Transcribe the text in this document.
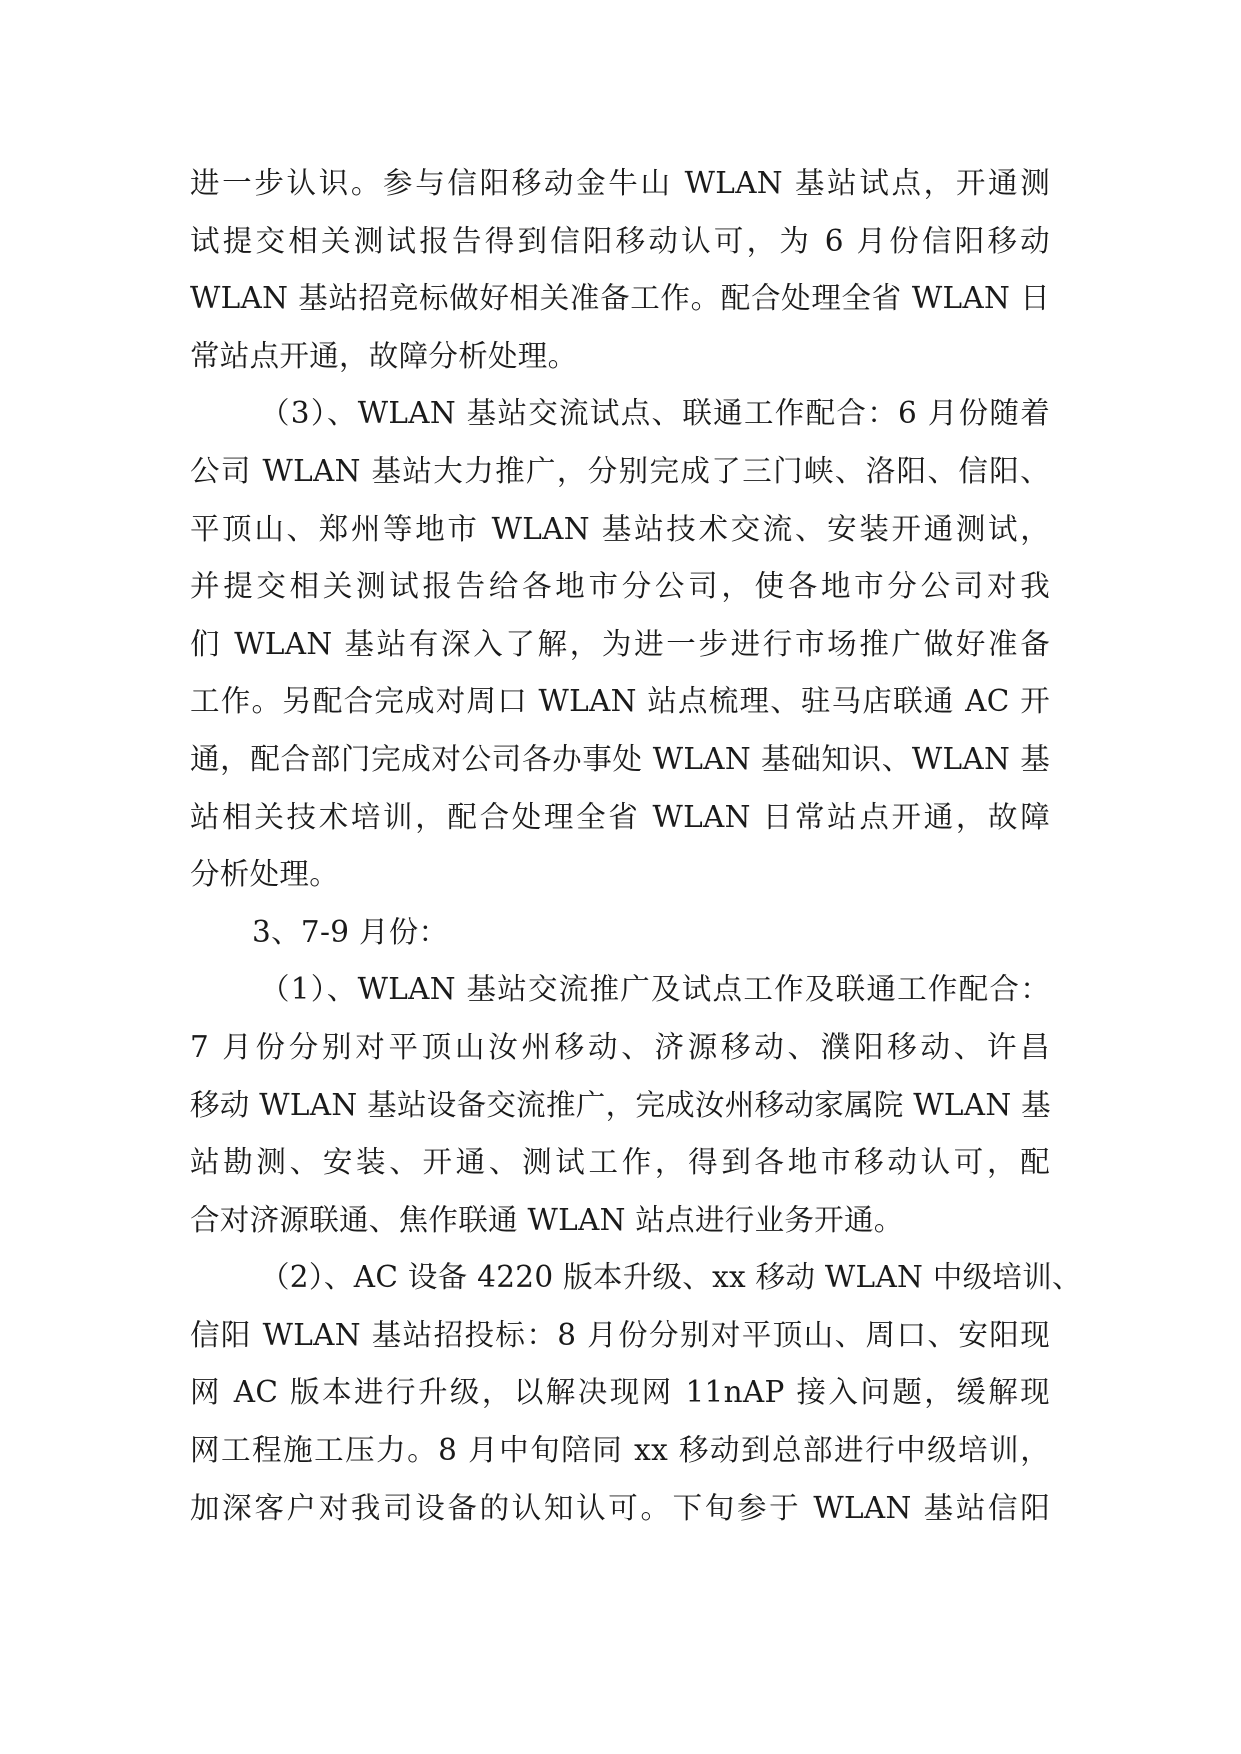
进一步认识。参与信阳移动金牛山 WLAN 基站试点，开通测
试提交相关测试报告得到信阳移动认可，为 6 月份信阳移动
WLAN 基站招竞标做好相关准备工作。配合处理全省 WLAN 日
常站点开通，故障分析处理。
（3）、WLAN 基站交流试点、联通工作配合：6 月份随着
公司 WLAN 基站大力推广，分别完成了三门峡、洛阳、信阳、
平顶山、郑州等地市 WLAN 基站技术交流、安装开通测试，
并提交相关测试报告给各地市分公司，使各地市分公司对我
们 WLAN 基站有深入了解，为进一步进行市场推广做好准备
工作。另配合完成对周口 WLAN 站点梳理、驻马店联通 AC 开
通，配合部门完成对公司各办事处 WLAN 基础知识、WLAN 基
站相关技术培训，配合处理全省 WLAN 日常站点开通，故障
分析处理。
3、7-9 月份：
（1）、WLAN 基站交流推广及试点工作及联通工作配合：
7 月份分别对平顶山汝州移动、济源移动、濮阳移动、许昌
移动 WLAN 基站设备交流推广，完成汝州移动家属院 WLAN 基
站勘测、安装、开通、测试工作，得到各地市移动认可，配
合对济源联通、焦作联通 WLAN 站点进行业务开通。
（2）、AC 设备 4220 版本升级、xx 移动 WLAN 中级培训、
信阳 WLAN 基站招投标：8 月份分别对平顶山、周口、安阳现
网 AC 版本进行升级，以解决现网 11nAP 接入问题，缓解现
网工程施工压力。8 月中旬陪同 xx 移动到总部进行中级培训，
加深客户对我司设备的认知认可。下旬参于 WLAN 基站信阳
